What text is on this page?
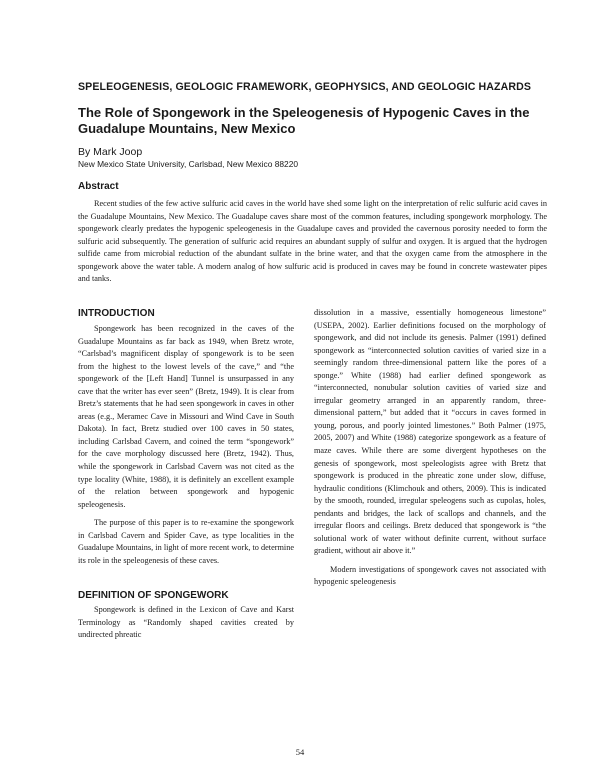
SPELEOGENESIS, GEOLOGIC FRAMEWORK, GEOPHYSICS, AND GEOLOGIC HAZARDS
The Role of Spongework in the Speleogenesis of Hypogenic Caves in the Guadalupe Mountains, New Mexico
By Mark Joop
New Mexico State University, Carlsbad, New Mexico 88220
Abstract
Recent studies of the few active sulfuric acid caves in the world have shed some light on the interpretation of relic sulfuric acid caves in the Guadalupe Mountains, New Mexico. The Guadalupe caves share most of the common features, including spongework morphology. The spongework clearly predates the hypogenic speleogenesis in the Guadalupe caves and provided the cavernous porosity needed to form the sulfuric acid subsequently. The generation of sulfuric acid requires an abundant supply of sulfur and oxygen. It is argued that the hydrogen sulfide came from microbial reduction of the abundant sulfate in the brine water, and that the oxygen came from the atmosphere in the spongework above the water table. A modern analog of how sulfuric acid is produced in caves may be found in concrete wastewater pipes and tanks.
INTRODUCTION

Spongework has been recognized in the caves of the Guadalupe Mountains as far back as 1949, when Bretz wrote, “Carlsbad’s magnificent display of spongework is to be seen from the highest to the lowest levels of the cave,” and “the spongework of the [Left Hand] Tunnel is unsurpassed in any cave that the writer has ever seen” (Bretz, 1949). It is clear from Bretz’s statements that he had seen spongework in caves in other areas (e.g., Meramec Cave in Missouri and Wind Cave in South Dakota). In fact, Bretz studied over 100 caves in 50 states, including Carlsbad Cavern, and coined the term “spongework” for the cave morphology discussed here (Bretz, 1942). Thus, while the spongework in Carlsbad Cavern was not cited as the type locality (White, 1988), it is definitely an excellent example of the relation between spongework and hypogenic speleogenesis.

The purpose of this paper is to re-examine the spongework in Carlsbad Cavern and Spider Cave, as type localities in the Guadalupe Mountains, in light of more recent work, to determine its role in the speleogenesis of these caves.

DEFINITION OF SPONGEWORK

Spongework is defined in the Lexicon of Cave and Karst Terminology as “Randomly shaped cavities created by undirected phreatic

dissolution in a massive, essentially homogeneous limestone” (USEPA, 2002). Earlier definitions focused on the morphology of spongework, and did not include its genesis. Palmer (1991) defined spongework as “interconnected solution cavities of varied size in a seemingly random three-dimensional pattern like the pores of a sponge.” White (1988) had earlier defined spongework as “interconnected, nonubular solution cavities of varied size and irregular geometry arranged in an apparently random, three-dimensional pattern,” but added that it “occurs in caves formed in young, porous, and poorly jointed limestones.” Both Palmer (1975, 2005, 2007) and White (1988) categorize spongework as a feature of maze caves. While there are some divergent hypotheses on the genesis of spongework, most speleologists agree with Bretz that spongework is produced in the phreatic zone under slow, diffuse, hydraulic conditions (Klimchouk and others, 2009). This is indicated by the smooth, rounded, irregular speleogens such as cupolas, holes, pendants and bridges, the lack of scallops and channels, and the irregular floors and ceilings. Bretz deduced that spongework is “the solutional work of water without definite current, without surface gradient, without air above it.”

Modern investigations of spongework caves not associated with hypogenic speleogenesis

54
